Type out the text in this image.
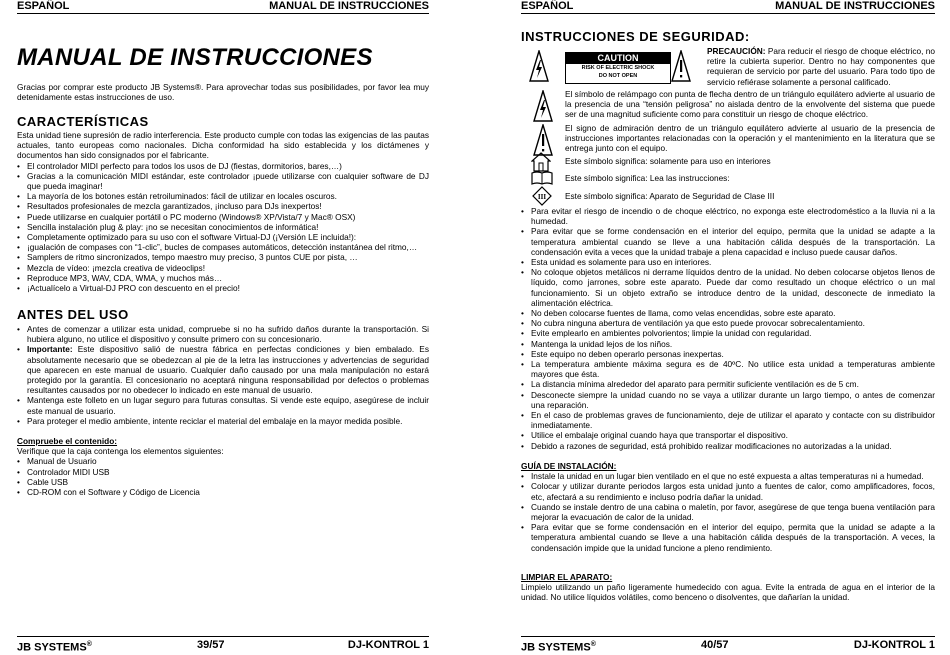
ESPAÑOL	MANUAL DE INSTRUCCIONES
MANUAL DE INSTRUCCIONES
Gracias por comprar este producto JB Systems®. Para aprovechar todas sus posibilidades, por favor lea muy detenidamente estas instrucciones de uso.
CARACTERÍSTICAS
Esta unidad tiene supresión de radio interferencia. Este producto cumple con todas las exigencias de las pautas actuales, tanto europeas como nacionales. Dicha conformidad ha sido establecida y los dictámenes y documentos han sido consignados por el fabricante.
• El controlador MIDI perfecto para todos los usos de DJ (fiestas, dormitorios, bares,…)
• Gracias a la comunicación MIDI estándar, este controlador ¡puede utilizarse con cualquier software de DJ que pueda imaginar!
• La mayoría de los botones están retroiluminados: fácil de utilizar en locales oscuros.
• Resultados profesionales de mezcla garantizados, ¡incluso para DJs inexpertos!
• Puede utilizarse en cualquier portátil o PC moderno (Windows® XP/Vista/7 y Mac® OSX)
• Sencilla instalación plug & play: ¡no se necesitan conocimientos de informática!
• Completamente optimizado para su uso con el software Virtual-DJ (¡Versión LE incluida!):
• ¡gualación de compases con “1-clic”, bucles de compases automáticos, detección instantánea del ritmo,…
• Samplers de ritmo sincronizados, tempo maestro muy preciso, 3 puntos CUE por pista, …
• Mezcla de vídeo: ¡mezcla creativa de videoclips!
• Reproduce MP3, WAV, CDA, WMA, y muchos más…
• ¡Actualícelo a Virtual-DJ PRO con descuento en el precio!
ANTES DEL USO
• Antes de comenzar a utilizar esta unidad, compruebe si no ha sufrido daños durante la transportación. Si hubiera alguno, no utilice el dispositivo y consulte primero con su concesionario.
• Importante: Este dispositivo salió de nuestra fábrica en perfectas condiciones y bien embalado. Es absolutamente necesario que se obedezcan al pie de la letra las instrucciones y advertencias de seguridad que aparecen en este manual de usuario. Cualquier daño causado por una mala manipulación no estará protegido por la garantía. El concesionario no aceptará ninguna responsabilidad por defectos o problemas resultantes causados por no obedecer lo indicado en este manual de usuario.
• Mantenga este folleto en un lugar seguro para futuras consultas. Si vende este equipo, asegúrese de incluir este manual de usuario.
• Para proteger el medio ambiente, intente reciclar el material del embalaje en la mayor medida posible.
Compruebe el contenido:
Verifique que la caja contenga los elementos siguientes:
• Manual de Usuario
• Controlador MIDI USB
• Cable USB
• CD-ROM con el Software y Código de Licencia
JB SYSTEMS®	39/57	DJ-KONTROL 1
ESPAÑOL	MANUAL DE INSTRUCCIONES
INSTRUCCIONES DE SEGURIDAD:
CAUTION
RISK OF ELECTRIC SHOCK
DO NOT OPEN
PRECAUCIÓN: Para reducir el riesgo de choque eléctrico, no retire la cubierta superior. Dentro no hay componentes que requieran de servicio por parte del usuario. Para todo tipo de servicio refiérase solamente a personal calificado.
El símbolo de relámpago con punta de flecha dentro de un triángulo equilátero advierte al usuario de la presencia de una “tensión peligrosa” no aislada dentro de la envolvente del sistema que puede ser de una magnitud suficiente como para constituir un riesgo de choque eléctrico.
El signo de admiración dentro de un triángulo equilátero advierte al usuario de la presencia de instrucciones importantes relacionadas con la operación y el mantenimiento en la literatura que se entrega junto con el equipo.
Este símbolo significa: solamente para uso en interiores
Este símbolo significa: Lea las instrucciones:
III Este símbolo significa: Aparato de Seguridad de Clase III
• Para evitar el riesgo de incendio o de choque eléctrico, no exponga este electrodoméstico a la lluvia ni a la humedad.
• Para evitar que se forme condensación en el interior del equipo, permita que la unidad se adapte a la temperatura ambiental cuando se lleve a una habitación cálida después de la transportación. La condensación evita a veces que la unidad trabaje a plena capacidad e incluso puede causar daños.
• Esta unidad es solamente para uso en interiores.
• No coloque objetos metálicos ni derrame líquidos dentro de la unidad. No deben colocarse objetos llenos de líquido, como jarrones, sobre este aparato. Puede dar como resultado un choque eléctrico o un mal funcionamiento. Si un objeto extraño se introduce dentro de la unidad, desconecte de inmediato la alimentación eléctrica.
• No deben colocarse fuentes de llama, como velas encendidas, sobre este aparato.
• No cubra ninguna abertura de ventilación ya que esto puede provocar sobrecalentamiento.
• Evite emplearlo en ambientes polvorientos; limpie la unidad con regularidad.
• Mantenga la unidad lejos de los niños.
• Este equipo no deben operarlo personas inexpertas.
• La temperatura ambiente máxima segura es de 40ºC. No utilice esta unidad a temperaturas ambiente mayores que ésta.
• La distancia mínima alrededor del aparato para permitir suficiente ventilación es de 5 cm.
• Desconecte siempre la unidad cuando no se vaya a utilizar durante un largo tiempo, o antes de comenzar una reparación.
• En el caso de problemas graves de funcionamiento, deje de utilizar el aparato y contacte con su distribuidor inmediatamente.
• Utilice el embalaje original cuando haya que transportar el dispositivo.
• Debido a razones de seguridad, está prohibido realizar modificaciones no autorizadas a la unidad.
GUÍA DE INSTALACIÓN:
• Instale la unidad en un lugar bien ventilado en el que no esté expuesta a altas temperaturas ni a humedad.
• Colocar y utilizar durante periodos largos esta unidad junto a fuentes de calor, como amplificadores, focos, etc, afectará a su rendimiento e incluso podría dañar la unidad.
• Cuando se instale dentro de una cabina o maletín, por favor, asegúrese de que tenga buena ventilación para mejorar la evacuación de calor de la unidad.
• Para evitar que se forme condensación en el interior del equipo, permita que la unidad se adapte a la temperatura ambiental cuando se lleve a una habitación cálida después de la transportación. A veces, la condensación impide que la unidad funcione a pleno rendimiento.
LIMPIAR EL APARATO:
Limpielo utilizando un paño ligeramente humedecido con agua. Evite la entrada de agua en el interior de la unidad. No utilice líquidos volátiles, como benceno o disolventes, que dañarían la unidad.
JB SYSTEMS®	40/57	DJ-KONTROL 1
